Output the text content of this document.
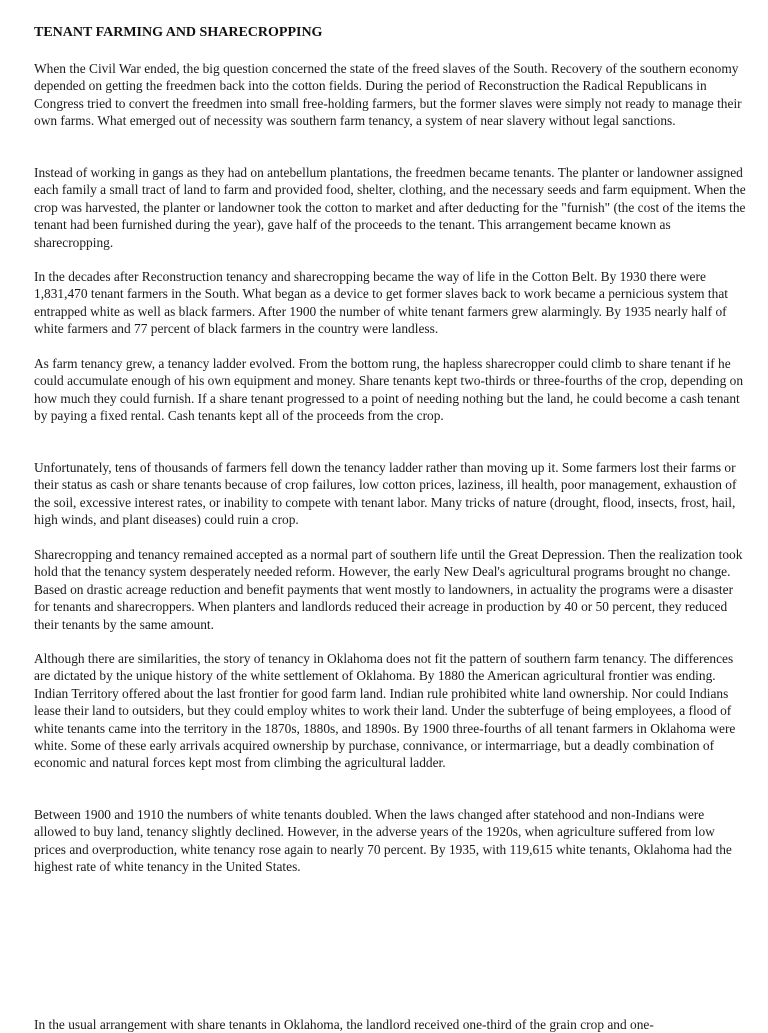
TENANT FARMING AND SHARECROPPING

When the Civil War ended, the big question concerned the state of the freed slaves of the South. Recovery of the southern economy depended on getting the freedmen back into the cotton fields. During the period of Reconstruction the Radical Republicans in Congress tried to convert the freedmen into small free-holding farmers, but the former slaves were simply not ready to manage their own farms. What emerged out of necessity was southern farm tenancy, a system of near slavery without legal sanctions.

Instead of working in gangs as they had on antebellum plantations, the freedmen became tenants. The planter or landowner assigned each family a small tract of land to farm and provided food, shelter, clothing, and the necessary seeds and farm equipment. When the crop was harvested, the planter or landowner took the cotton to market and after deducting for the "furnish" (the cost of the items the tenant had been furnished during the year), gave half of the proceeds to the tenant. This arrangement became known as sharecropping.

In the decades after Reconstruction tenancy and sharecropping became the way of life in the Cotton Belt. By 1930 there were 1,831,470 tenant farmers in the South. What began as a device to get former slaves back to work became a pernicious system that entrapped white as well as black farmers. After 1900 the number of white tenant farmers grew alarmingly. By 1935 nearly half of white farmers and 77 percent of black farmers in the country were landless.

As farm tenancy grew, a tenancy ladder evolved. From the bottom rung, the hapless sharecropper could climb to share tenant if he could accumulate enough of his own equipment and money. Share tenants kept two-thirds or three-fourths of the crop, depending on how much they could furnish. If a share tenant progressed to a point of needing nothing but the land, he could become a cash tenant by paying a fixed rental. Cash tenants kept all of the proceeds from the crop.

Unfortunately, tens of thousands of farmers fell down the tenancy ladder rather than moving up it. Some farmers lost their farms or their status as cash or share tenants because of crop failures, low cotton prices, laziness, ill health, poor management, exhaustion of the soil, excessive interest rates, or inability to compete with tenant labor. Many tricks of nature (drought, flood, insects, frost, hail, high winds, and plant diseases) could ruin a crop.

Sharecropping and tenancy remained accepted as a normal part of southern life until the Great Depression. Then the realization took hold that the tenancy system desperately needed reform. However, the early New Deal's agricultural programs brought no change. Based on drastic acreage reduction and benefit payments that went mostly to landowners, in actuality the programs were a disaster for tenants and sharecroppers. When planters and landlords reduced their acreage in production by 40 or 50 percent, they reduced their tenants by the same amount.

Although there are similarities, the story of tenancy in Oklahoma does not fit the pattern of southern farm tenancy. The differences are dictated by the unique history of the white settlement of Oklahoma. By 1880 the American agricultural frontier was ending. Indian Territory offered about the last frontier for good farm land. Indian rule prohibited white land ownership. Nor could Indians lease their land to outsiders, but they could employ whites to work their land. Under the subterfuge of being employees, a flood of white tenants came into the territory in the 1870s, 1880s, and 1890s. By 1900 three-fourths of all tenant farmers in Oklahoma were white. Some of these early arrivals acquired ownership by purchase, connivance, or intermarriage, but a deadly combination of economic and natural forces kept most from climbing the agricultural ladder.

Between 1900 and 1910 the numbers of white tenants doubled. When the laws changed after statehood and non-Indians were allowed to buy land, tenancy slightly declined. However, in the adverse years of the 1920s, when agriculture suffered from low prices and overproduction, white tenancy rose again to nearly 70 percent. By 1935, with 119,615 white tenants, Oklahoma had the highest rate of white tenancy in the United States.

In the usual arrangement with share tenants in Oklahoma, the landlord received one-third of the grain crop and one-
